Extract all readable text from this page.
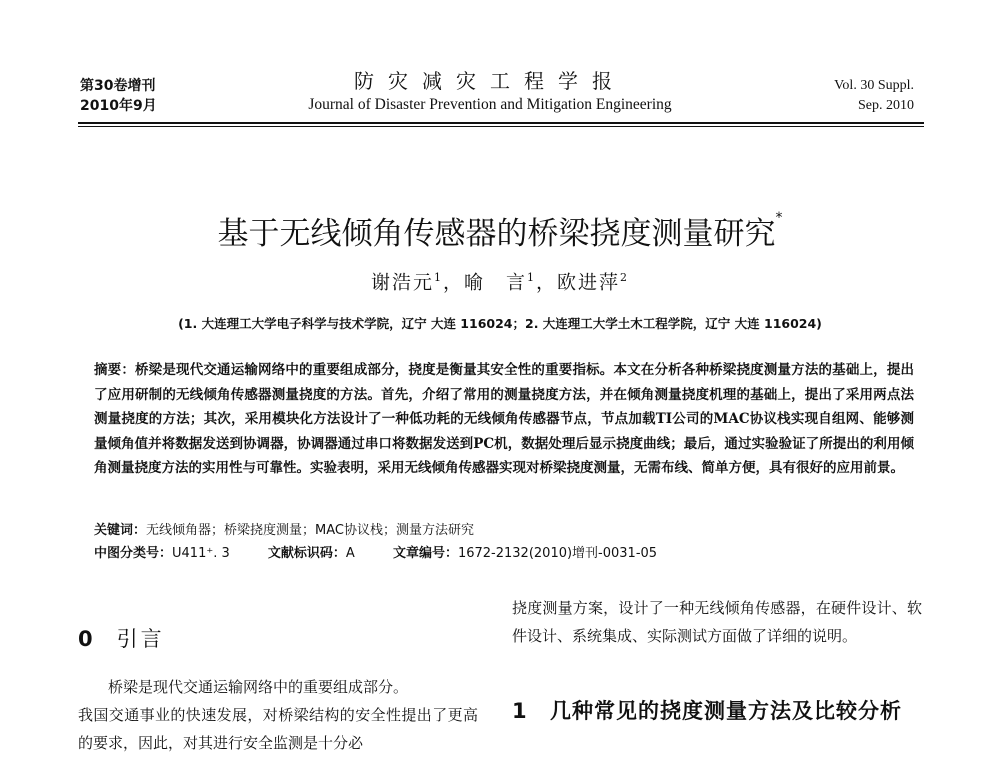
第30卷增刊
2010年9月
防灾减灾工程学报
Journal of Disaster Prevention and Mitigation Engineering
Vol. 30 Suppl.
Sep. 2010
基于无线倾角传感器的桥梁挠度测量研究*
谢浩元$^1$，喻　言$^1$，欧进萍$^2$
(1. 大连理工大学电子科学与技术学院，辽宁 大连 116024；2. 大连理工大学土木工程学院，辽宁 大连 116024)
摘要：桥梁是现代交通运输网络中的重要组成部分，挠度是衡量其安全性的重要指标。本文在分析各种桥梁挠度测量方法的基础上，提出了应用研制的无线倾角传感器测量挠度的方法。首先，介绍了常用的测量挠度方法，并在倾角测量挠度机理的基础上，提出了采用两点法测量挠度的方法；其次，采用模块化方法设计了一种低功耗的无线倾角传感器节点，节点加载TI公司的MAC协议栈实现自组网、能够测量倾角值并将数据发送到协调器，协调器通过串口将数据发送到PC机，数据处理后显示挠度曲线；最后，通过实验验证了所提出的利用倾角测量挠度方法的实用性与可靠性。实验表明，采用无线倾角传感器实现对桥梁挠度测量，无需布线、简单方便，具有很好的应用前景。
关键词：无线倾角器；桥梁挠度测量；MAC协议栈；测量方法研究
中图分类号：U411⁺. 3	文献标识码：A	文章编号：1672-2132(2010)增刊-0031-05
0 引言

桥梁是现代交通运输网络中的重要组成部分。

我国交通事业的快速发展，对桥梁结构的安全性提出了更高的要求，因此，对其进行安全监测是十分必

挠度测量方案，设计了一种无线倾角传感器，在硬件设计、软件设计、系统集成、实际测试方面做了详细的说明。

1 几种常见的挠度测量方法及比较分析
